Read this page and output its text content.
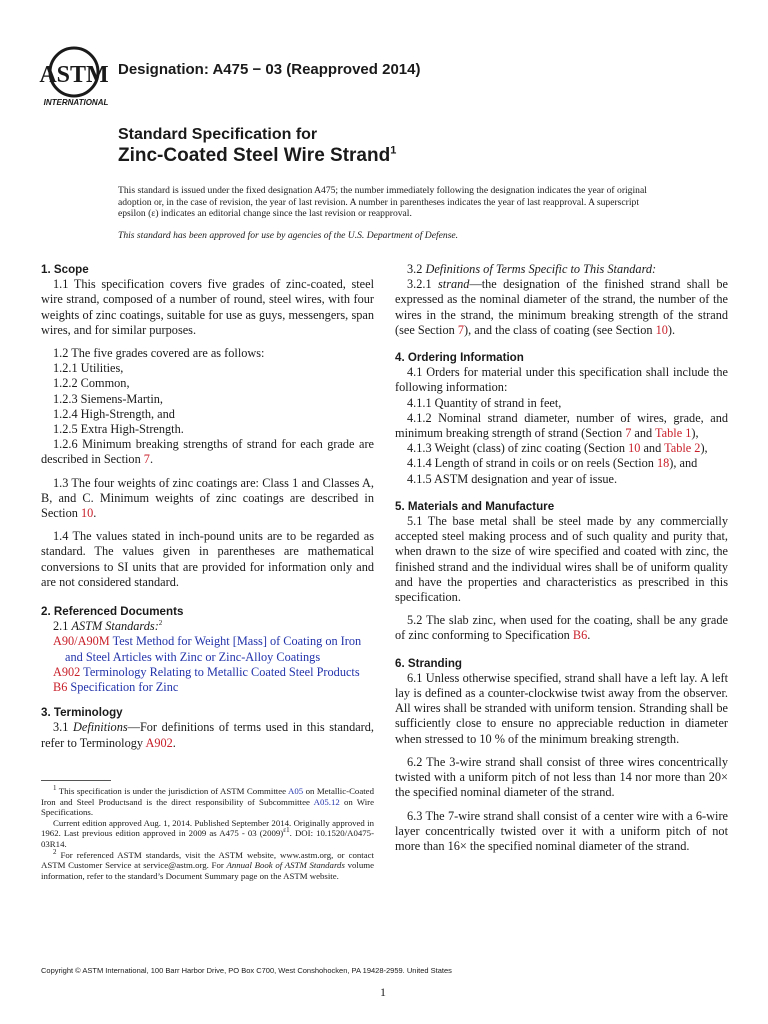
ASTM
INTERNATIONAL
Designation: A475 − 03 (Reapproved 2014)
Standard Specification for
Zinc-Coated Steel Wire Strand$^1$
This standard is issued under the fixed designation A475; the number immediately following the designation indicates the year of original adoption or, in the case of revision, the year of last revision. A number in parentheses indicates the year of last reapproval. A superscript epsilon (ε) indicates an editorial change since the last revision or reapproval.
This standard has been approved for use by agencies of the U.S. Department of Defense.

1. Scope

1.1 This specification covers five grades of zinc-coated, steel wire strand, composed of a number of round, steel wires, with four weights of zinc coatings, suitable for use as guys, messengers, span wires, and for similar purposes.

1.2 The five grades covered are as follows:

1.2.1 Utilities,

1.2.2 Common,

1.2.3 Siemens-Martin,

1.2.4 High-Strength, and

1.2.5 Extra High-Strength.

1.2.6 Minimum breaking strengths of strand for each grade are described in Section 7.

1.3 The four weights of zinc coatings are: Class 1 and Classes A, B, and C. Minimum weights of zinc coatings are described in Section 10.

1.4 The values stated in inch-pound units are to be regarded as standard. The values given in parentheses are mathematical conversions to SI units that are provided for information only and are not considered standard.

2. Referenced Documents

2.1 ASTM Standards:$^2$

A90/A90M Test Method for Weight [Mass] of Coating on Iron and Steel Articles with Zinc or Zinc-Alloy Coatings

A902 Terminology Relating to Metallic Coated Steel Products

B6 Specification for Zinc

3. Terminology

3.1 Definitions—For definitions of terms used in this standard, refer to Terminology A902.

$^1$ This specification is under the jurisdiction of ASTM Committee A05 on Metallic-Coated Iron and Steel Productsand is the direct responsibility of Subcommittee A05.12 on Wire Specifications.

Current edition approved Aug. 1, 2014. Published September 2014. Originally approved in 1962. Last previous edition approved in 2009 as A475 - 03 $(2009)^{\varepsilon 1}$. DOI: 10.1520/A0475-03R14.

$^2$ For referenced ASTM standards, visit the ASTM website, www.astm.org, or contact ASTM Customer Service at service@astm.org. For Annual Book of ASTM Standards volume information, refer to the standard’s Document Summary page on the ASTM website.

3.2 Definitions of Terms Specific to This Standard:

3.2.1 strand—the designation of the finished strand shall be expressed as the nominal diameter of the strand, the number of the wires in the strand, the minimum breaking strength of the strand (see Section 7), and the class of coating (see Section 10).

4. Ordering Information

4.1 Orders for material under this specification shall include the following information:

4.1.1 Quantity of strand in feet,

4.1.2 Nominal strand diameter, number of wires, grade, and minimum breaking strength of strand (Section 7 and Table 1),

4.1.3 Weight (class) of zinc coating (Section 10 and Table 2),

4.1.4 Length of strand in coils or on reels (Section 18), and

4.1.5 ASTM designation and year of issue.

5. Materials and Manufacture

5.1 The base metal shall be steel made by any commercially accepted steel making process and of such quality and purity that, when drawn to the size of wire specified and coated with zinc, the finished strand and the individual wires shall be of uniform quality and have the properties and characteristics as prescribed in this specification.

5.2 The slab zinc, when used for the coating, shall be any grade of zinc conforming to Specification B6.

6. Stranding

6.1 Unless otherwise specified, strand shall have a left lay. A left lay is defined as a counter-clockwise twist away from the observer. All wires shall be stranded with uniform tension. Stranding shall be sufficiently close to ensure no appreciable reduction in diameter when stressed to 10 % of the minimum breaking strength.

6.2 The 3-wire strand shall consist of three wires concentrically twisted with a uniform pitch of not less than 14 nor more than 20× the specified nominal diameter of the strand.

6.3 The 7-wire strand shall consist of a center wire with a 6-wire layer concentrically twisted over it with a uniform pitch of not more than 16× the specified nominal diameter of the strand.

Copyright © ASTM International, 100 Barr Harbor Drive, PO Box C700, West Conshohocken, PA 19428-2959. United States
1
